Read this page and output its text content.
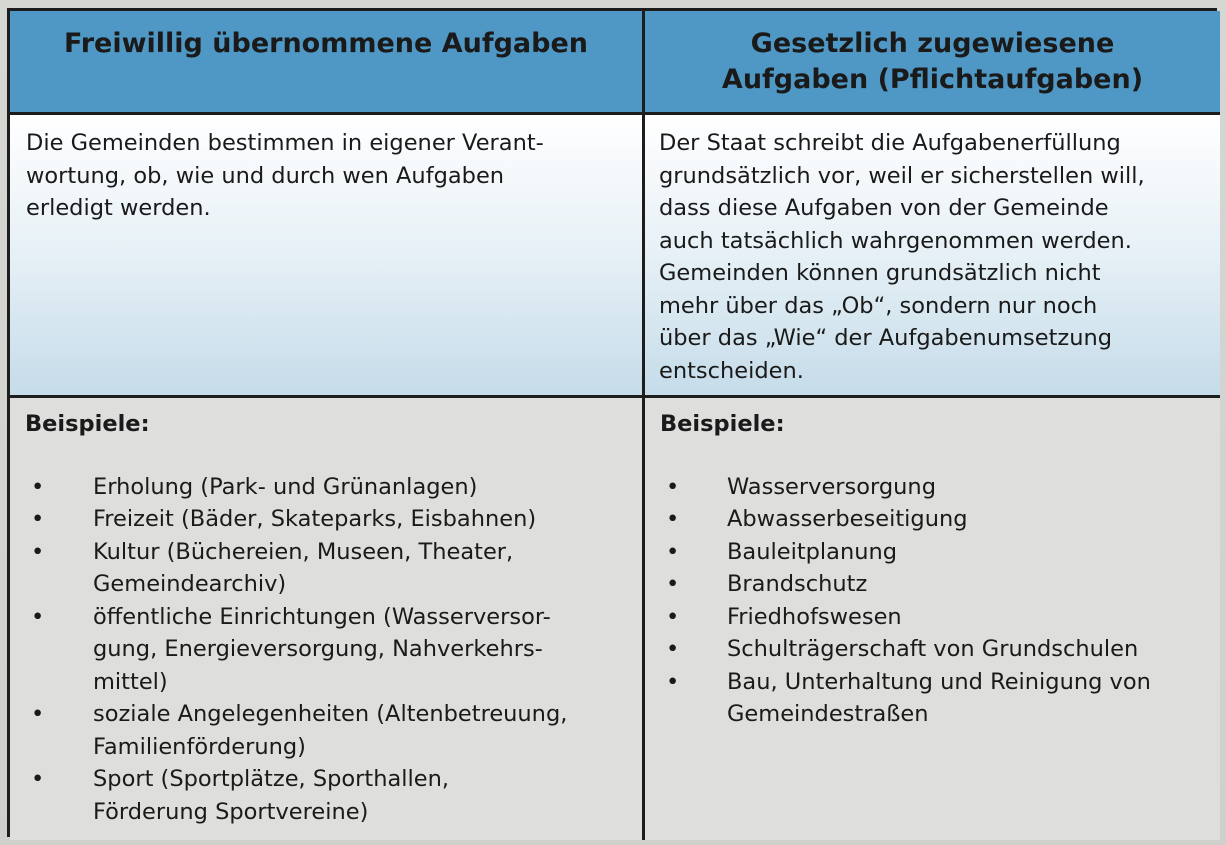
Freiwillig übernommene Aufgaben	Gesetzlich zugewiesene
Aufgaben (Pflichtaufgaben)

Die Gemeinden bestimmen in eigener Verant-
wortung, ob, wie und durch wen Aufgaben
erledigt werden.

Der Staat schreibt die Aufgabenerfüllung
grundsätzlich vor, weil er sicherstellen will,
dass diese Aufgaben von der Gemeinde
auch tatsächlich wahrgenommen werden.
Gemeinden können grundsätzlich nicht
mehr über das „Ob“, sondern nur noch
über das „Wie“ der Aufgabenumsetzung
entscheiden.

Beispiele:
• Erholung (Park- und Grünanlagen)
• Freizeit (Bäder, Skateparks, Eisbahnen)
• Kultur (Büchereien, Museen, Theater,
Gemeindearchiv)
• öffentliche Einrichtungen (Wasserversor-
gung, Energieversorgung, Nahverkehrs-
mittel)
• soziale Angelegenheiten (Altenbetreuung,
Familienförderung)
• Sport (Sportplätze, Sporthallen,
Förderung Sportvereine)
Beispiele:
• Wasserversorgung
• Abwasserbeseitigung
• Bauleitplanung
• Brandschutz
• Friedhofswesen
• Schulträgerschaft von Grundschulen
• Bau, Unterhaltung und Reinigung von
Gemeindestraßen
